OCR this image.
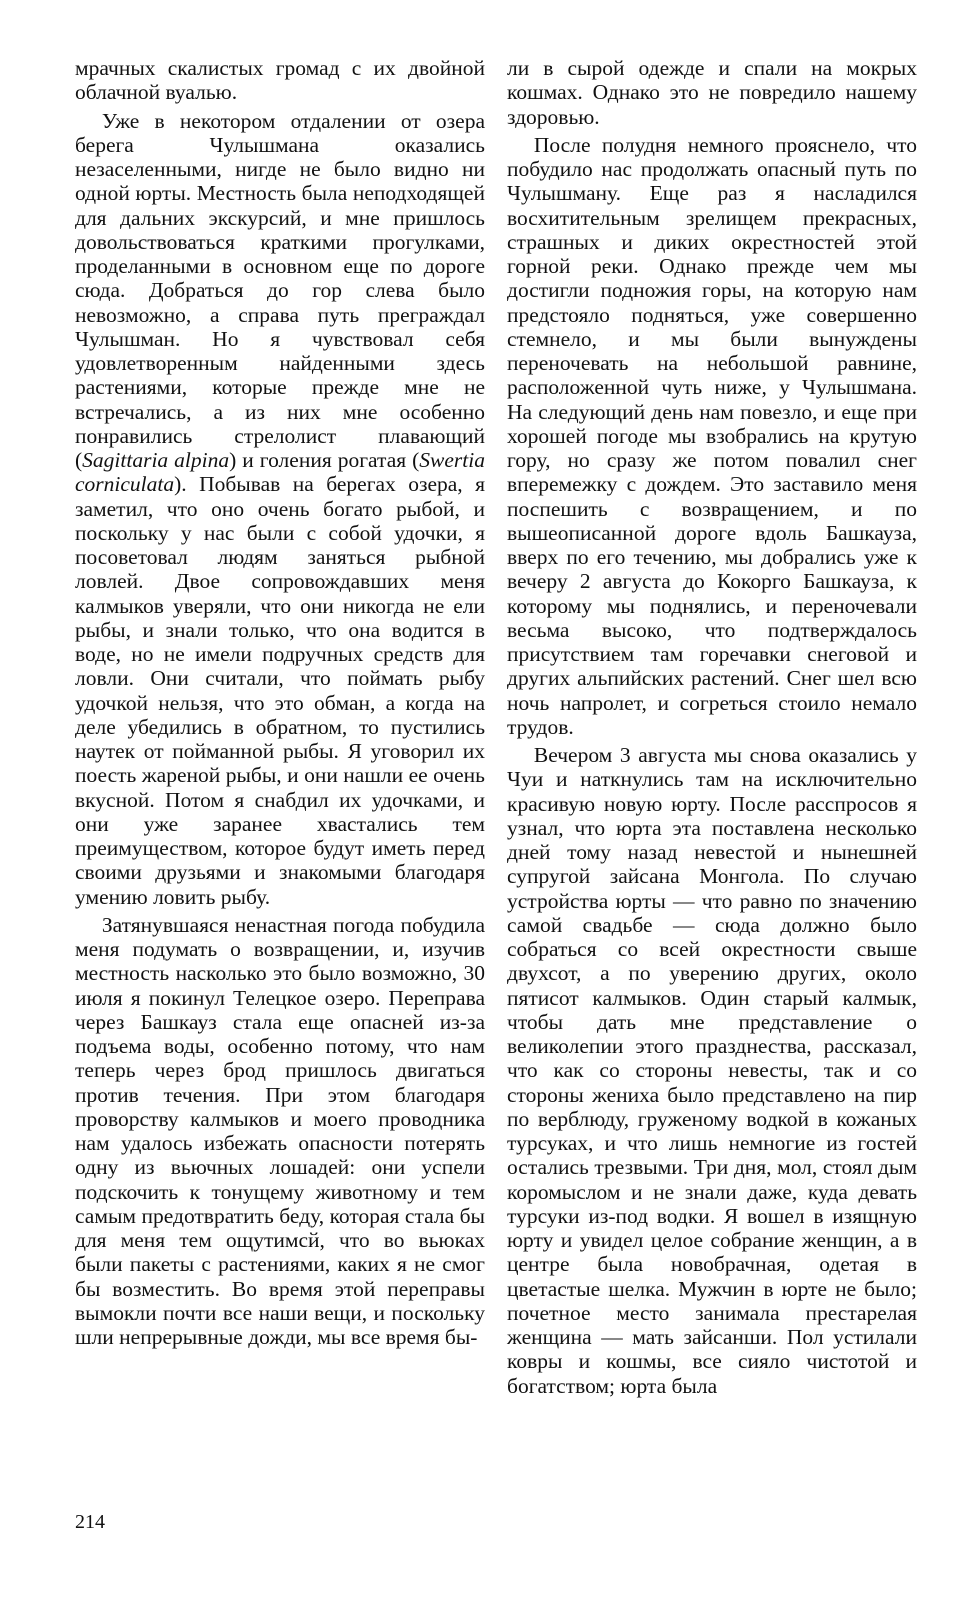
мрачных скалистых громад с их двойной облачной вуалью.

Уже в некотором отдалении от озера берега Чулышмана оказались незаселенными, нигде не было видно ни одной юрты. Местность была неподходящей для дальних экскурсий, и мне пришлось довольствоваться краткими прогулками, проделанными в основном еще по дороге сюда. Добраться до гор слева было невозможно, а справа путь преграждал Чулышман. Но я чувствовал себя удовлетворенным найденными здесь растениями, которые прежде мне не встречались, а из них мне особенно понравились стрелолист плавающий (Sagittaria alpina) и голения рогатая (Swertia corniculata). Побывав на берегах озера, я заметил, что оно очень богато рыбой, и поскольку у нас были с собой удочки, я посоветовал людям заняться рыбной ловлей. Двое сопровождавших меня калмыков уверяли, что они никогда не ели рыбы, и знали только, что она водится в воде, но не имели подручных средств для ловли. Они считали, что поймать рыбу удочкой нельзя, что это обман, а когда на деле убедились в обратном, то пустились наутек от пойманной рыбы. Я уговорил их поесть жареной рыбы, и они нашли ее очень вкусной. Потом я снабдил их удочками, и они уже заранее хвастались тем преимуществом, которое будут иметь перед своими друзьями и знакомыми благодаря умению ловить рыбу.

Затянувшаяся ненастная погода побудила меня подумать о возвращении, и, изучив местность насколько это было возможно, 30 июля я покинул Телецкое озеро. Переправа через Башкауз стала еще опасней из-за подъема воды, особенно потому, что нам теперь через брод пришлось двигаться против течения. При этом благодаря проворству калмыков и моего проводника нам удалось избежать опасности потерять одну из вьючных лошадей: они успели подскочить к тонущему животному и тем самым предотвратить беду, которая стала бы для меня тем ощутимсй, что во вьюках были пакеты с растениями, каких я не смог бы возместить. Во время этой переправы вымокли почти все наши вещи, и поскольку шли непрерывные дожди, мы все время бы-

ли в сырой одежде и спали на мокрых кошмах. Однако это не повредило нашему здоровью.

После полудня немного прояснело, что побудило нас продолжать опасный путь по Чулышману. Еще раз я насладился восхитительным зрелищем прекрасных, страшных и диких окрестностей этой горной реки. Однако прежде чем мы достигли подножия горы, на которую нам предстояло подняться, уже совершенно стемнело, и мы были вынуждены переночевать на небольшой равнине, расположенной чуть ниже, у Чулышмана. На следующий день нам повезло, и еще при хорошей погоде мы взобрались на крутую гору, но сразу же потом повалил снег вперемежку с дождем. Это заставило меня поспешить с возвращением, и по вышеописанной дороге вдоль Башкауза, вверх по его течению, мы добрались уже к вечеру 2 августа до Кокорго Башкауза, к которому мы поднялись, и переночевали весьма высоко, что подтверждалось присутствием там горечавки снеговой и других альпийских растений. Снег шел всю ночь напролет, и согреться стоило немало трудов.

Вечером 3 августа мы снова оказались у Чуи и наткнулись там на исключительно красивую новую юрту. После расспросов я узнал, что юрта эта поставлена несколько дней тому назад невестой и нынешней супругой зайсана Монгола. По случаю устройства юрты — что равно по значению самой свадьбе — сюда должно было собраться со всей окрестности свыше двухсот, а по уверению других, около пятисот калмыков. Один старый калмык, чтобы дать мне представление о великолепии этого празднества, рассказал, что как со стороны невесты, так и со стороны жениха было представлено на пир по верблюду, груженому водкой в кожаных турсуках, и что лишь немногие из гостей остались трезвыми. Три дня, мол, стоял дым коромыслом и не знали даже, куда девать турсуки из-под водки. Я вошел в изящную юрту и увидел целое собрание женщин, а в центре была новобрачная, одетая в цветастые шелка. Мужчин в юрте не было; почетное место занимала престарелая женщина — мать зайсанши. Пол устилали ковры и кошмы, все сияло чистотой и богатством; юрта была

214
